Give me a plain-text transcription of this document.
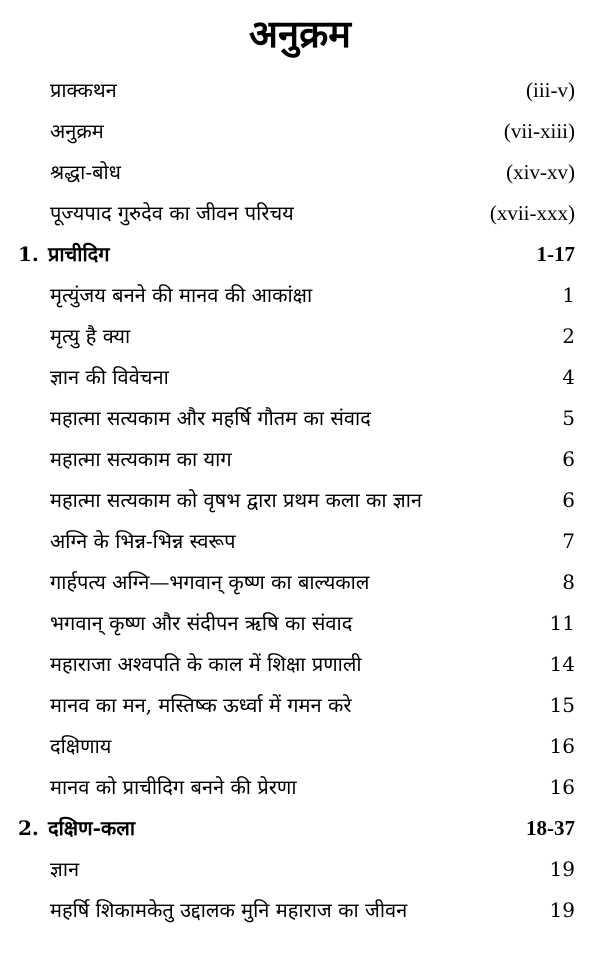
अनुक्रम
प्राक्कथन	(iii-v)
अनुक्रम	(vii-xiii)
श्रद्धा-बोध	(xiv-xv)
पूज्यपाद गुरुदेव का जीवन परिचय	(xvii-xxx)
1. प्राचीदिग	1-17
मृत्युंजय बनने की मानव की आकांक्षा	1
मृत्यु है क्या	2
ज्ञान की विवेचना	4
महात्मा सत्यकाम और महर्षि गौतम का संवाद	5
महात्मा सत्यकाम का याग	6
महात्मा सत्यकाम को वृषभ द्वारा प्रथम कला का ज्ञान	6
अग्नि के भिन्न-भिन्न स्वरूप	7
गार्हपत्य अग्नि—भगवान् कृष्ण का बाल्यकाल	8
भगवान् कृष्ण और संदीपन ऋषि का संवाद	11
महाराजा अश्वपति के काल में शिक्षा प्रणाली	14
मानव का मन, मस्तिष्क ऊर्ध्वा में गमन करे	15
दक्षिणाय	16
मानव को प्राचीदिग बनने की प्रेरणा	16
2. दक्षिण-कला	18-37
ज्ञान	19
महर्षि शिकामकेतु उद्दालक मुनि महाराज का जीवन	19
